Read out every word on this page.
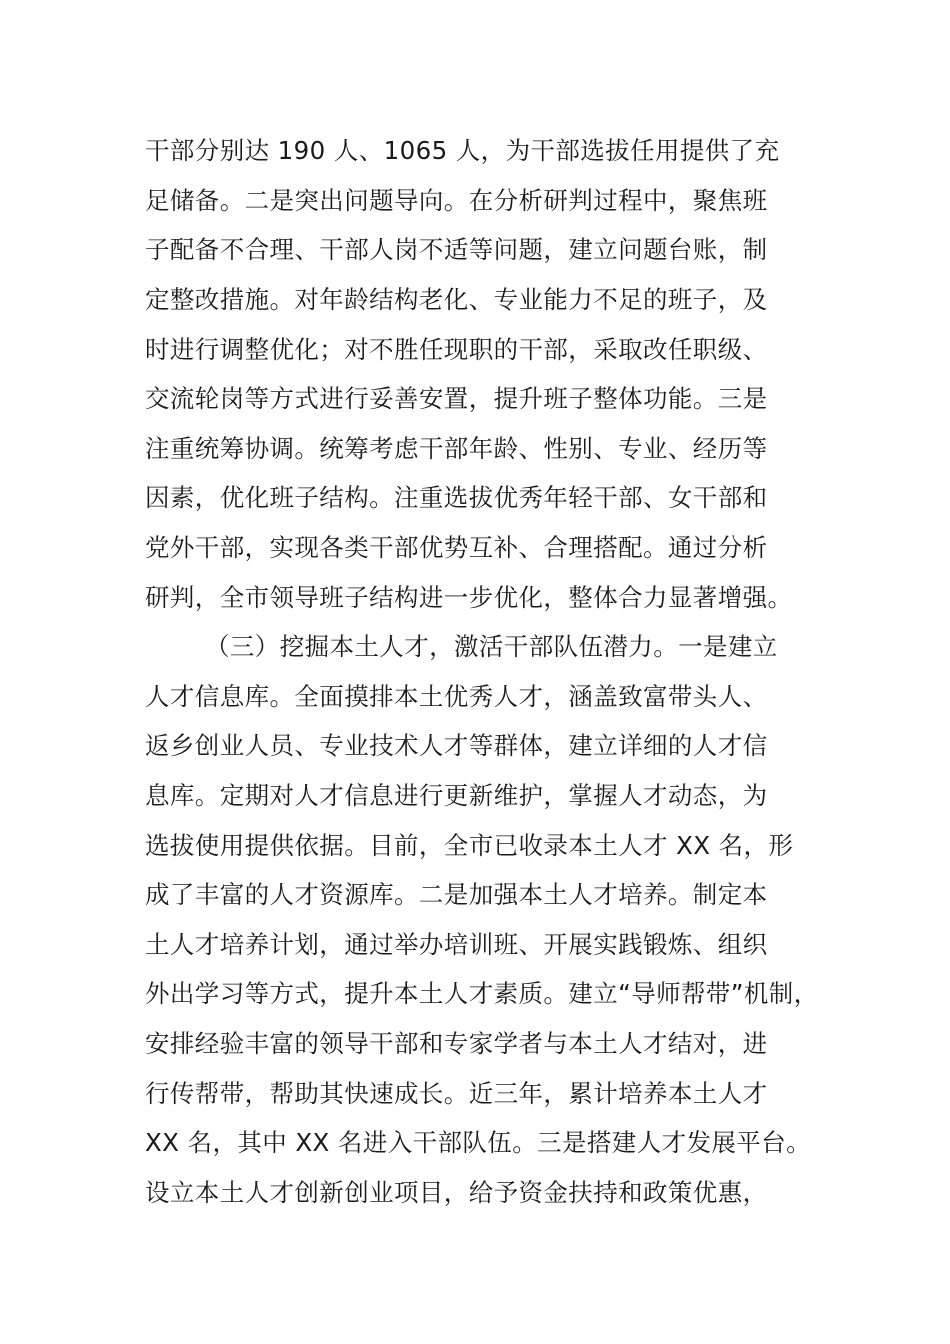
干部分别达 190 人、1065 人，为干部选拔任用提供了充
足储备。二是突出问题导向。在分析研判过程中，聚焦班
子配备不合理、干部人岗不适等问题，建立问题台账，制
定整改措施。对年龄结构老化、专业能力不足的班子，及
时进行调整优化；对不胜任现职的干部，采取改任职级、
交流轮岗等方式进行妥善安置，提升班子整体功能。三是
注重统筹协调。统筹考虑干部年龄、性别、专业、经历等
因素，优化班子结构。注重选拔优秀年轻干部、女干部和
党外干部，实现各类干部优势互补、合理搭配。通过分析
研判，全市领导班子结构进一步优化，整体合力显著增强。
（三）挖掘本土人才，激活干部队伍潜力。一是建立
人才信息库。全面摸排本土优秀人才，涵盖致富带头人、
返乡创业人员、专业技术人才等群体，建立详细的人才信
息库。定期对人才信息进行更新维护，掌握人才动态，为
选拔使用提供依据。目前，全市已收录本土人才 XX 名，形
成了丰富的人才资源库。二是加强本土人才培养。制定本
土人才培养计划，通过举办培训班、开展实践锻炼、组织
外出学习等方式，提升本土人才素质。建立“导师帮带”机制，
安排经验丰富的领导干部和专家学者与本土人才结对，进
行传帮带，帮助其快速成长。近三年，累计培养本土人才
XX 名，其中 XX 名进入干部队伍。三是搭建人才发展平台。
设立本土人才创新创业项目，给予资金扶持和政策优惠，
